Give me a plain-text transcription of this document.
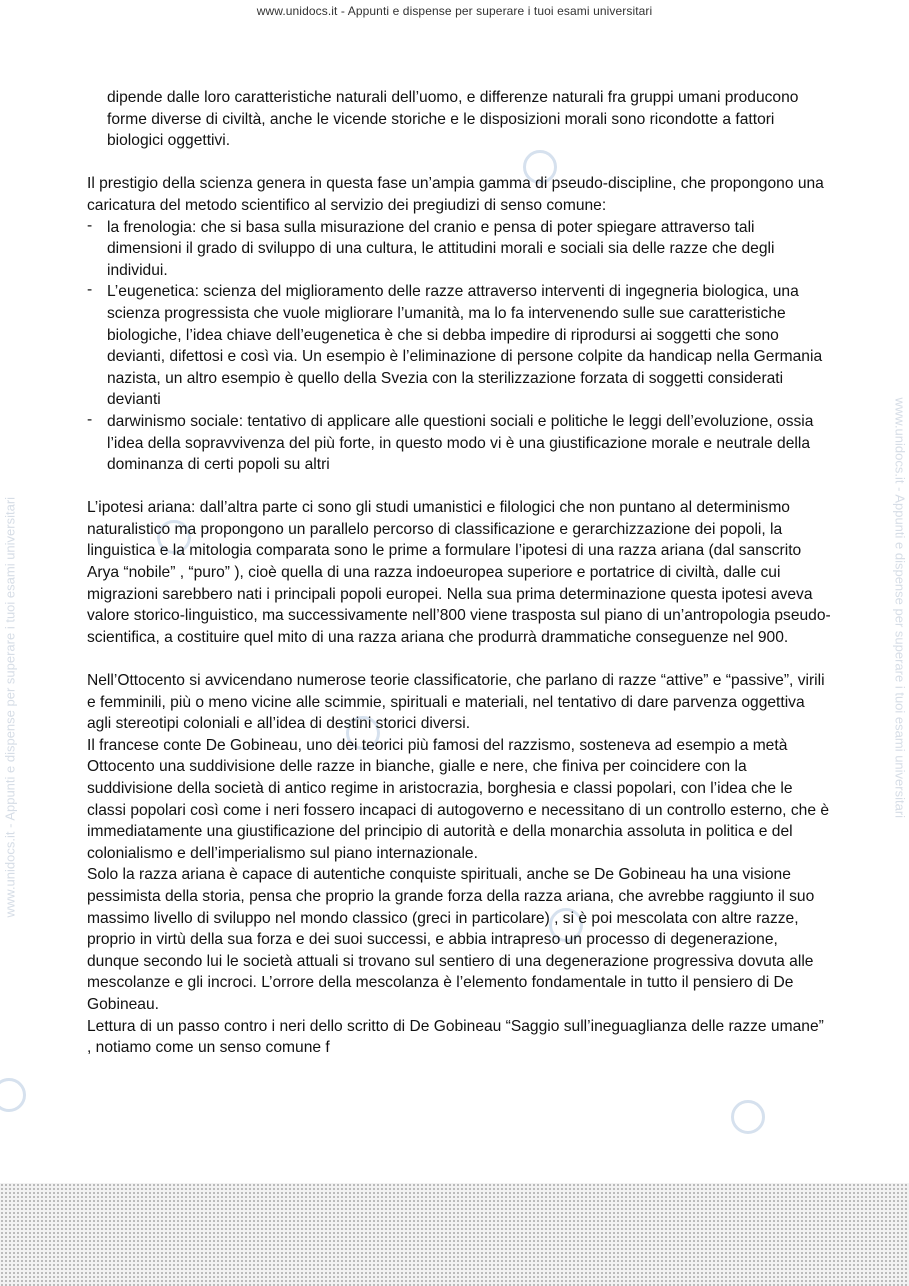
www.unidocs.it - Appunti e dispense per superare i tuoi esami universitari
www.unidocs.it - Appunti e dispense per superare i tuoi esami universitari	www.unidocs.it - Appunti e dispense per superare i tuoi esami universitari

dipende dalle loro caratteristiche naturali dell’uomo, e differenze naturali fra gruppi umani producono forme diverse di civiltà, anche le vicende storiche e le disposizioni morali sono ricondotte a fattori biologici oggettivi.

Il prestigio della scienza genera in questa fase un’ampia gamma di pseudo-discipline, che propongono una caricatura del metodo scientifico al servizio dei pregiudizi di senso comune:

- la frenologia: che si basa sulla misurazione del cranio e pensa di poter spiegare attraverso tali dimensioni il grado di sviluppo di una cultura, le attitudini morali e sociali sia delle razze che degli individui.
- L’eugenetica: scienza del miglioramento delle razze attraverso interventi di ingegneria biologica, una scienza progressista che vuole migliorare l’umanità, ma lo fa intervenendo sulle sue caratteristiche biologiche, l’idea chiave dell’eugenetica è che si debba impedire di riprodursi ai soggetti che sono devianti, difettosi e così via. Un esempio è l’eliminazione di persone colpite da handicap nella Germania nazista, un altro esempio è quello della Svezia con la sterilizzazione forzata di soggetti considerati devianti
- darwinismo sociale: tentativo di applicare alle questioni sociali e politiche le leggi dell’evoluzione, ossia l’idea della sopravvivenza del più forte, in questo modo vi è una giustificazione morale e neutrale della dominanza di certi popoli su altri

L’ipotesi ariana: dall’altra parte ci sono gli studi umanistici e filologici che non puntano al determinismo naturalistico ma propongono un parallelo percorso di classificazione e gerarchizzazione dei popoli, la linguistica e la mitologia comparata sono le prime a formulare l’ipotesi di una razza ariana (dal sanscrito Arya “nobile” , “puro” ), cioè quella di una razza indoeuropea superiore e portatrice di civiltà, dalle cui migrazioni sarebbero nati i principali popoli europei. Nella sua prima determinazione questa ipotesi aveva valore storico-linguistico, ma successivamente nell’800 viene trasposta sul piano di un’antropologia pseudo-scientifica, a costituire quel mito di una razza ariana che produrrà drammatiche conseguenze nel 900.

Nell’Ottocento si avvicendano numerose teorie classificatorie, che parlano di razze “attive” e “passive”, virili e femminili, più o meno vicine alle scimmie, spirituali e materiali, nel tentativo di dare parvenza oggettiva agli stereotipi coloniali e all’idea di destini storici diversi.

Il francese conte De Gobineau, uno dei teorici più famosi del razzismo, sosteneva ad esempio a metà Ottocento una suddivisione delle razze in bianche, gialle e nere, che finiva per coincidere con la suddivisione della società di antico regime in aristocrazia, borghesia e classi popolari, con l’idea che le classi popolari così come i neri fossero incapaci di autogoverno e necessitano di un controllo esterno, che è immediatamente una giustificazione del principio di autorità e della monarchia assoluta in politica e del colonialismo e dell’imperialismo sul piano internazionale.

Solo la razza ariana è capace di autentiche conquiste spirituali, anche se De Gobineau ha una visione pessimista della storia, pensa che proprio la grande forza della razza ariana, che avrebbe raggiunto il suo massimo livello di sviluppo nel mondo classico (greci in particolare) , si è poi mescolata con altre razze, proprio in virtù della sua forza e dei suoi successi, e abbia intrapreso un processo di degenerazione, dunque secondo lui le società attuali si trovano sul sentiero di una degenerazione progressiva dovuta alle mescolanze e gli incroci. L’orrore della mescolanza è l’elemento fondamentale in tutto il pensiero di De Gobineau.

Lettura di un passo contro i neri dello scritto di De Gobineau “Saggio sull’ineguaglianza delle razze umane” , notiamo come un senso comune f
